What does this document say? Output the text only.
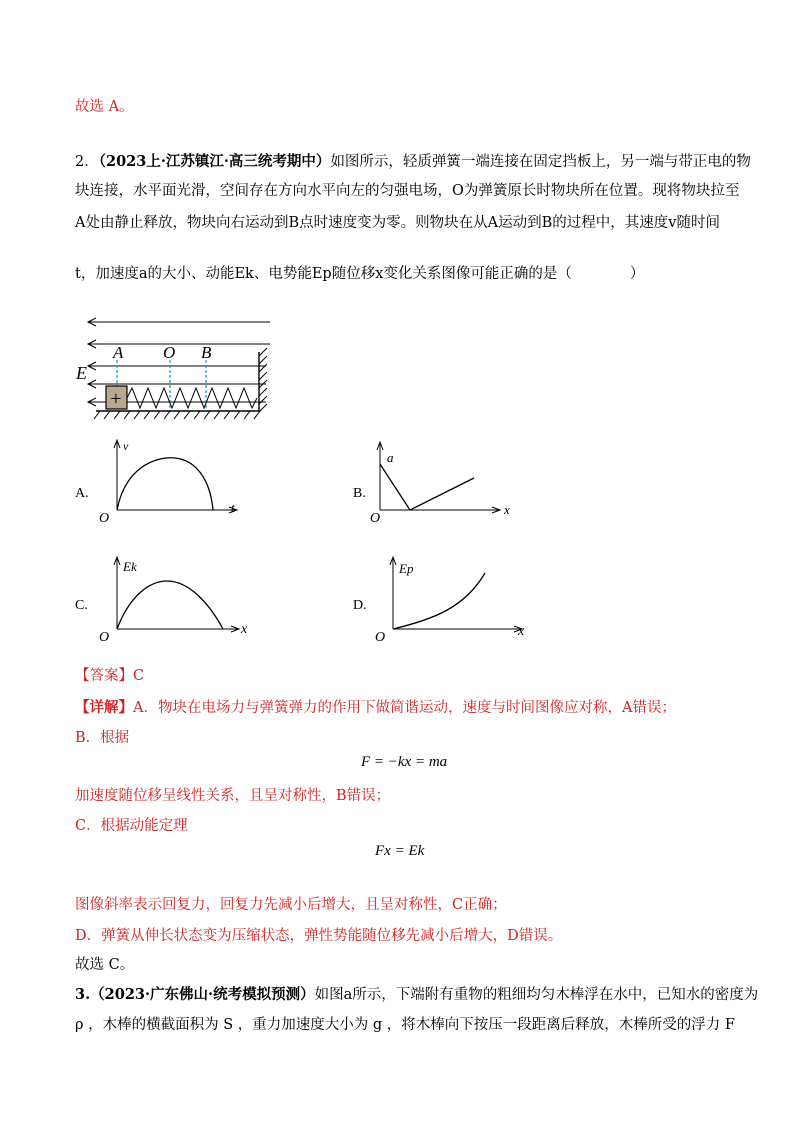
故选 A。
2．（2023上·江苏镇江·高三统考期中）如图所示，轻质弹簧一端连接在固定挡板上，另一端与带正电的物
块连接，水平面光滑，空间存在方向水平向左的匀强电场，O为弹簧原长时物块所在位置。现将物块拉至
A处由静止释放，物块向右运动到B点时速度变为零。则物块在从A运动到B的过程中，其速度v随时间
t，加速度a的大小、动能Ek、电势能Ep随位移x变化关系图像可能正确的是（　　　　）
E
A O B
+
A.
v
t
O
B.
a
x
O
C.
Ek
x
O
D.
Ep
x
O
【答案】C
【详解】A．物块在电场力与弹簧弹力的作用下做简谐运动，速度与时间图像应对称，A错误；
B．根据
F = −kx = ma
加速度随位移呈线性关系，且呈对称性，B错误；
C．根据动能定理
Fx = Ek
图像斜率表示回复力，回复力先减小后增大，且呈对称性，C正确；
D．弹簧从伸长状态变为压缩状态，弹性势能随位移先减小后增大，D错误。
故选 C。
3.（2023·广东佛山·统考模拟预测）如图a所示，下端附有重物的粗细均匀木棒浮在水中，已知水的密度为
ρ ，木棒的横截面积为 S ，重力加速度大小为 g ，将木棒向下按压一段距离后释放，木棒所受的浮力 F
